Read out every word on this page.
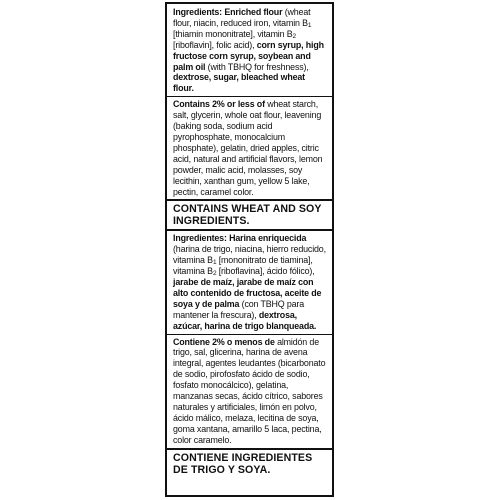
Ingredients: Enriched flour (wheat flour, niacin, reduced iron, vitamin $B_1$ [thiamin mononitrate], vitamin $B_2$ [riboflavin], folic acid), corn syrup, high fructose corn syrup, soybean and palm oil (with TBHQ for freshness), dextrose, sugar, bleached wheat flour.
Contains 2% or less of wheat starch, salt, glycerin, whole oat flour, leavening (baking soda, sodium acid pyrophosphate, monocalcium phosphate), gelatin, dried apples, citric acid, natural and artificial flavors, lemon powder, malic acid, molasses, soy lecithin, xanthan gum, yellow 5 lake, pectin, caramel color.
CONTAINS WHEAT AND SOY INGREDIENTS.
Ingredientes: Harina enriquecida (harina de trigo, niacina, hierro reducido, vitamina $B_1$ [mononitrato de tiamina], vitamina $B_2$ [riboflavina], ácido fólico), jarabe de maíz, jarabe de maíz con alto contenido de fructosa, aceite de soya y de palma (con TBHQ para mantener la frescura), dextrosa, azúcar, harina de trigo blanqueada.
Contiene 2% o menos de almidón de trigo, sal, glicerina, harina de avena integral, agentes leudantes (bicarbonato de sodio, pirofosfato ácido de sodio, fosfato monocálcico), gelatina, manzanas secas, ácido cítrico, sabores naturales y artificiales, limón en polvo, ácido málico, melaza, lecitina de soya, goma xantana, amarillo 5 laca, pectina, color caramelo.
CONTIENE INGREDIENTES DE TRIGO Y SOYA.
